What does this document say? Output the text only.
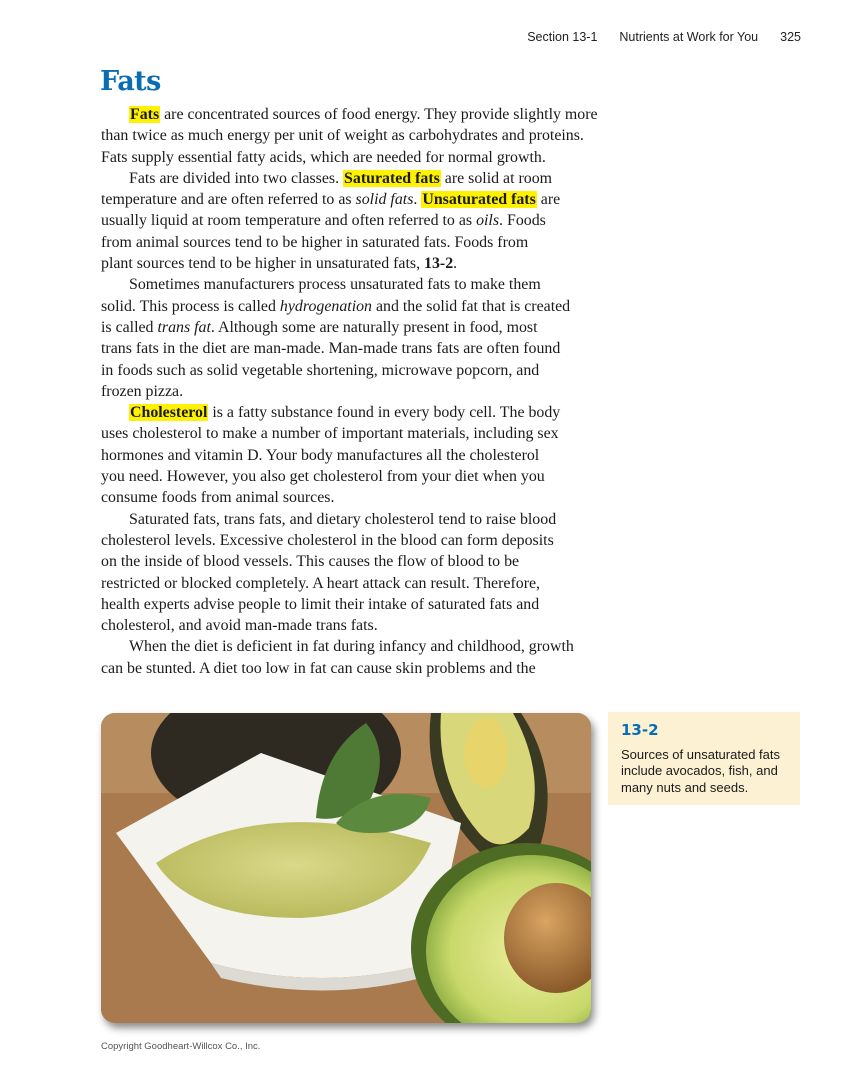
Section 13-1 Nutrients at Work for You 325
Fats
Fats are concentrated sources of food energy. They provide slightly more
than twice as much energy per unit of weight as carbohydrates and proteins.
Fats supply essential fatty acids, which are needed for normal growth.
Fats are divided into two classes. Saturated fats are solid at room
temperature and are often referred to as solid fats. Unsaturated fats are
usually liquid at room temperature and often referred to as oils. Foods
from animal sources tend to be higher in saturated fats. Foods from
plant sources tend to be higher in unsaturated fats, 13-2.
Sometimes manufacturers process unsaturated fats to make them
solid. This process is called hydrogenation and the solid fat that is created
is called trans fat. Although some are naturally present in food, most
trans fats in the diet are man-made. Man-made trans fats are often found
in foods such as solid vegetable shortening, microwave popcorn, and
frozen pizza.
Cholesterol is a fatty substance found in every body cell. The body
uses cholesterol to make a number of important materials, including sex
hormones and vitamin D. Your body manufactures all the cholesterol
you need. However, you also get cholesterol from your diet when you
consume foods from animal sources.
Saturated fats, trans fats, and dietary cholesterol tend to raise blood
cholesterol levels. Excessive cholesterol in the blood can form deposits
on the inside of blood vessels. This causes the flow of blood to be
restricted or blocked completely. A heart attack can result. Therefore,
health experts advise people to limit their intake of saturated fats and
cholesterol, and avoid man-made trans fats.
When the diet is deficient in fat during infancy and childhood, growth
can be stunted. A diet too low in fat can cause skin problems and the
13-2
Sources of unsaturated fats include avocados, fish, and many nuts and seeds.
Copyright Goodheart-Willcox Co., Inc.
